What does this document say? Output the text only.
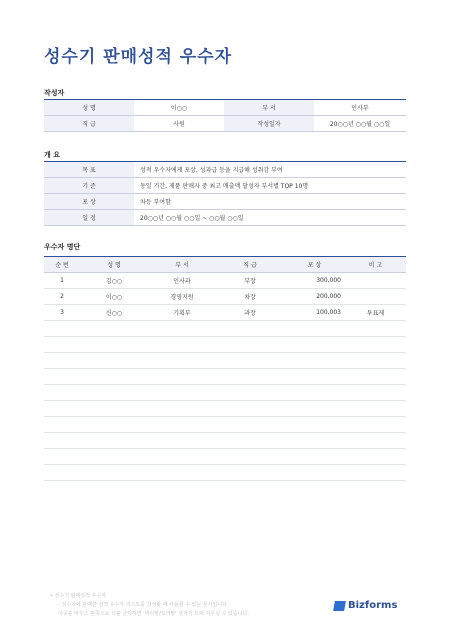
성수기 판매성적 우수자
작성자
성 명	이○○	부 서	인사부
직 급	사원	작성일자	20○○년 ○○월 ○○일
개 요
목 표	성적 우수자에게 포상, 성과급 등을 지급해 성취감 부여
기 준	동일 기간, 제품 판매자 중 최고 매출액 달성자 부서별 TOP 10명
포 상	차등 부여함
일 정	20○○년 ○○월 ○○일 ~ ○○월 ○○일
우수자 명단
순 번	성 명	부 서	직 급	포 상	비 고
1	김○○	인사과	부장	300,000	
2	이○○	경영지원	차장	200,000	
3	신○○	기획부	과장	100,003	투표제

• 성수기 판매성적 우수자
- 성수기에 판매한 성적 우수자 리스트를 작성할 때 사용할 수 있는 문서입니다.
이곳을 마우스 왼쪽으로 더블 클릭하면 '머리말/꼬리말' 상자가 뜨며 지우실 수 있습니다.
Bizforms
